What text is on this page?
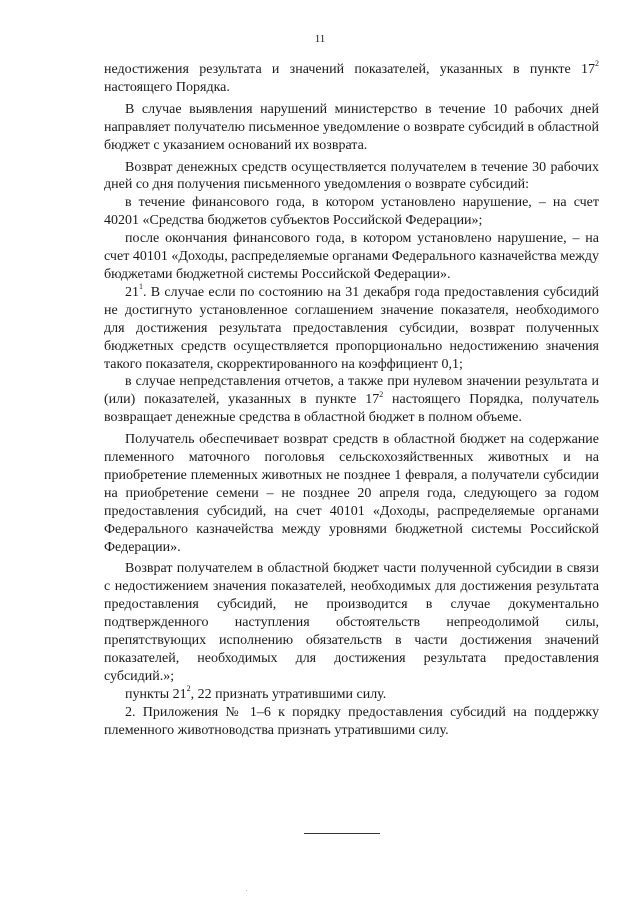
11

недостижения результата и значений показателей, указанных в пункте $17^2$ настоящего Порядка.

В случае выявления нарушений министерство в течение 10 рабочих дней направляет получателю письменное уведомление о возврате субсидий в областной бюджет с указанием оснований их возврата.

Возврат денежных средств осуществляется получателем в течение 30 рабочих дней со дня получения письменного уведомления о возврате субсидий:

в течение финансового года, в котором установлено нарушение, – на счет 40201 «Средства бюджетов субъектов Российской Федерации»;

после окончания финансового года, в котором установлено нарушение, – на счет 40101 «Доходы, распределяемые органами Федерального казначейства между бюджетами бюджетной системы Российской Федерации».

$21^1$. В случае если по состоянию на 31 декабря года предоставления субсидий не достигнуто установленное соглашением значение показателя, необходимого для достижения результата предоставления субсидии, возврат полученных бюджетных средств осуществляется пропорционально недостижению значения такого показателя, скорректированного на коэффициент 0,1;

в случае непредставления отчетов, а также при нулевом значении результата и (или) показателей, указанных в пункте $17^2$ настоящего Порядка, получатель возвращает денежные средства в областной бюджет в полном объеме.

Получатель обеспечивает возврат средств в областной бюджет на содержание племенного маточного поголовья сельскохозяйственных животных и на приобретение племенных животных не позднее 1 февраля, а получатели субсидии на приобретение семени – не позднее 20 апреля года, следующего за годом предоставления субсидий, на счет 40101 «Доходы, распределяемые органами Федерального казначейства между уровнями бюджетной системы Российской Федерации».

Возврат получателем в областной бюджет части полученной субсидии в связи с недостижением значения показателей, необходимых для достижения результата предоставления субсидий, не производится в случае документально подтвержденного наступления обстоятельств непреодолимой силы, препятствующих исполнению обязательств в части достижения значений показателей, необходимых для достижения результата предоставления субсидий.»;

пункты $21^2$, 22 признать утратившими силу.

2. Приложения № 1–6 к порядку предоставления субсидий на поддержку племенного животноводства признать утратившими силу.
